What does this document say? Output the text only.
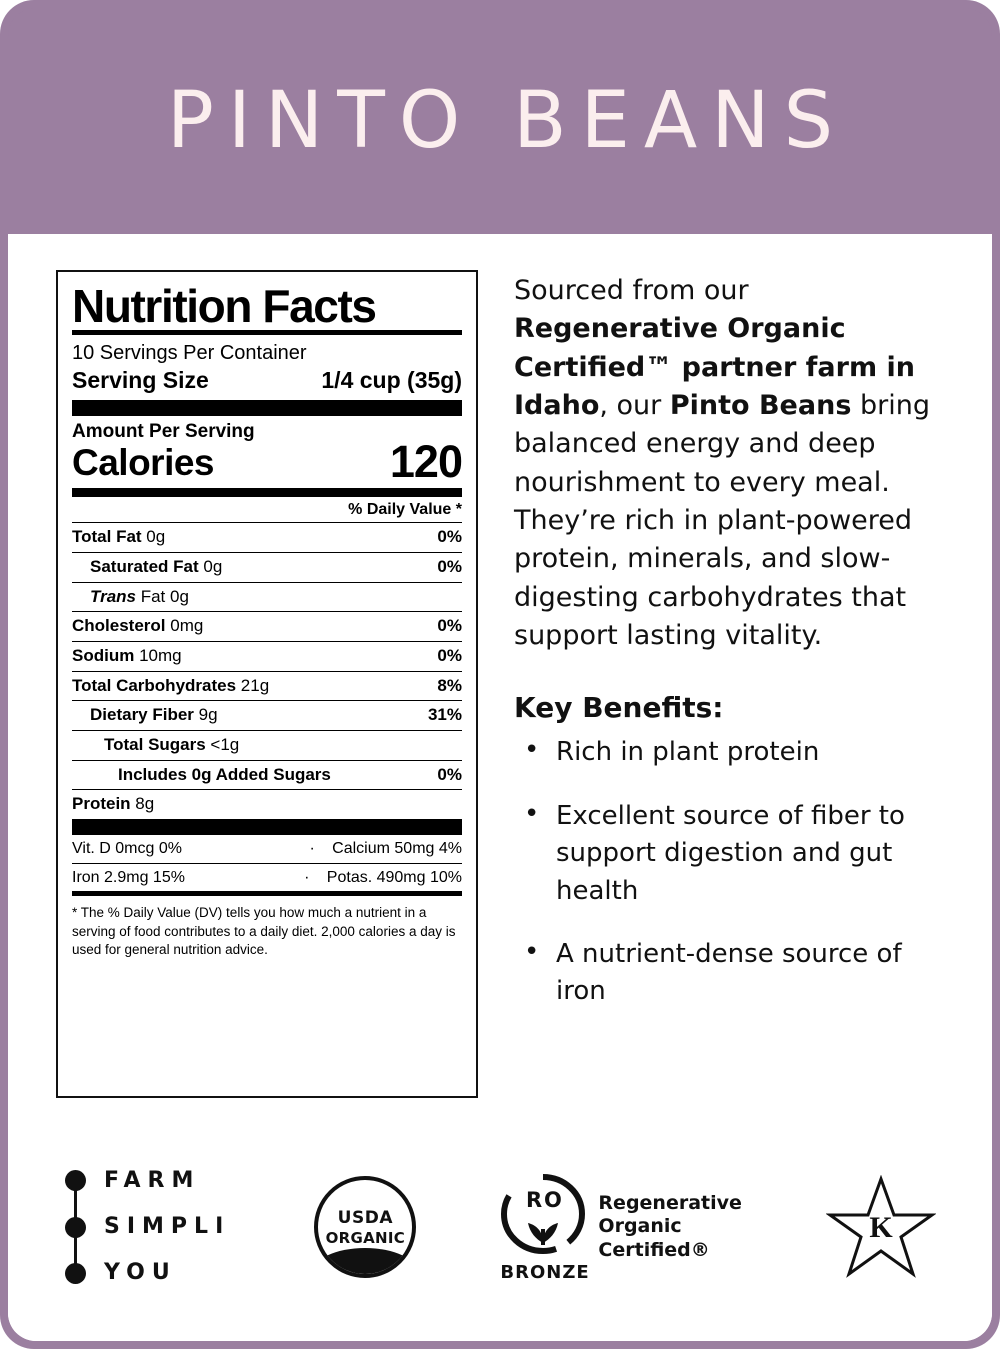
PINTO BEANS
Nutrition Facts
10 Servings Per Container
Serving Size	1/4 cup (35g)
Amount Per Serving
Calories	120
% Daily Value *
Total Fat 0g	0%
Saturated Fat 0g	0%
Trans Fat 0g
Cholesterol 0mg	0%
Sodium 10mg	0%
Total Carbohydrates 21g	8%
Dietary Fiber 9g	31%
Total Sugars <1g
Includes 0g Added Sugars	0%
Protein 8g
Vit. D 0mcg 0%	·	Calcium 50mg 4%
Iron 2.9mg 15%	·	Potas. 490mg 10%
* The % Daily Value (DV) tells you how much a nutrient in a serving of food contributes to a daily diet. 2,000 calories a day is used for general nutrition advice.
Sourced from our Regenerative Organic Certified™ partner farm in Idaho, our Pinto Beans bring balanced energy and deep nourishment to every meal. They’re rich in plant-powered protein, minerals, and slow-digesting carbohydrates that support lasting vitality.
Key Benefits:
• Rich in plant protein
• Excellent source of fiber to support digestion and gut health
• A nutrient-dense source of iron
FARM
SIMPLI
YOU
USDA
ORGANIC
R O
BRONZE
Regenerative
Organic
Certified®
K
